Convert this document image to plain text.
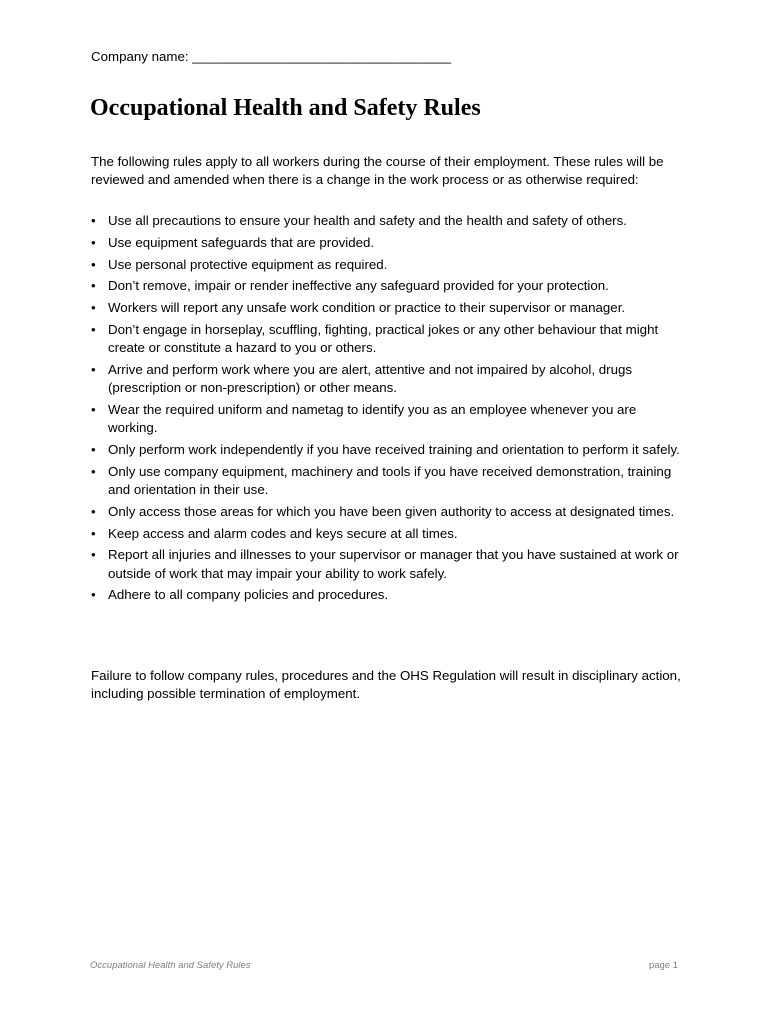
Company name: ___________________________________
Occupational Health and Safety Rules

The following rules apply to all workers during the course of their employment. These rules will be reviewed and amended when there is a change in the work process or as otherwise required:

• Use all precautions to ensure your health and safety and the health and safety of others.
• Use equipment safeguards that are provided.
• Use personal protective equipment as required.
• Don’t remove, impair or render ineffective any safeguard provided for your protection.
• Workers will report any unsafe work condition or practice to their supervisor or manager.
• Don’t engage in horseplay, scuffling, fighting, practical jokes or any other behaviour that might create or constitute a hazard to you or others.
• Arrive and perform work where you are alert, attentive and not impaired by alcohol, drugs (prescription or non-prescription) or other means.
• Wear the required uniform and nametag to identify you as an employee whenever you are working.
• Only perform work independently if you have received training and orientation to perform it safely.
• Only use company equipment, machinery and tools if you have received demonstration, training and orientation in their use.
• Only access those areas for which you have been given authority to access at designated times.
• Keep access and alarm codes and keys secure at all times.
• Report all injuries and illnesses to your supervisor or manager that you have sustained at work or outside of work that may impair your ability to work safely.
• Adhere to all company policies and procedures.

Failure to follow company rules, procedures and the OHS Regulation will result in disciplinary action, including possible termination of employment.

Occupational Health and Safety Rules	page 1
